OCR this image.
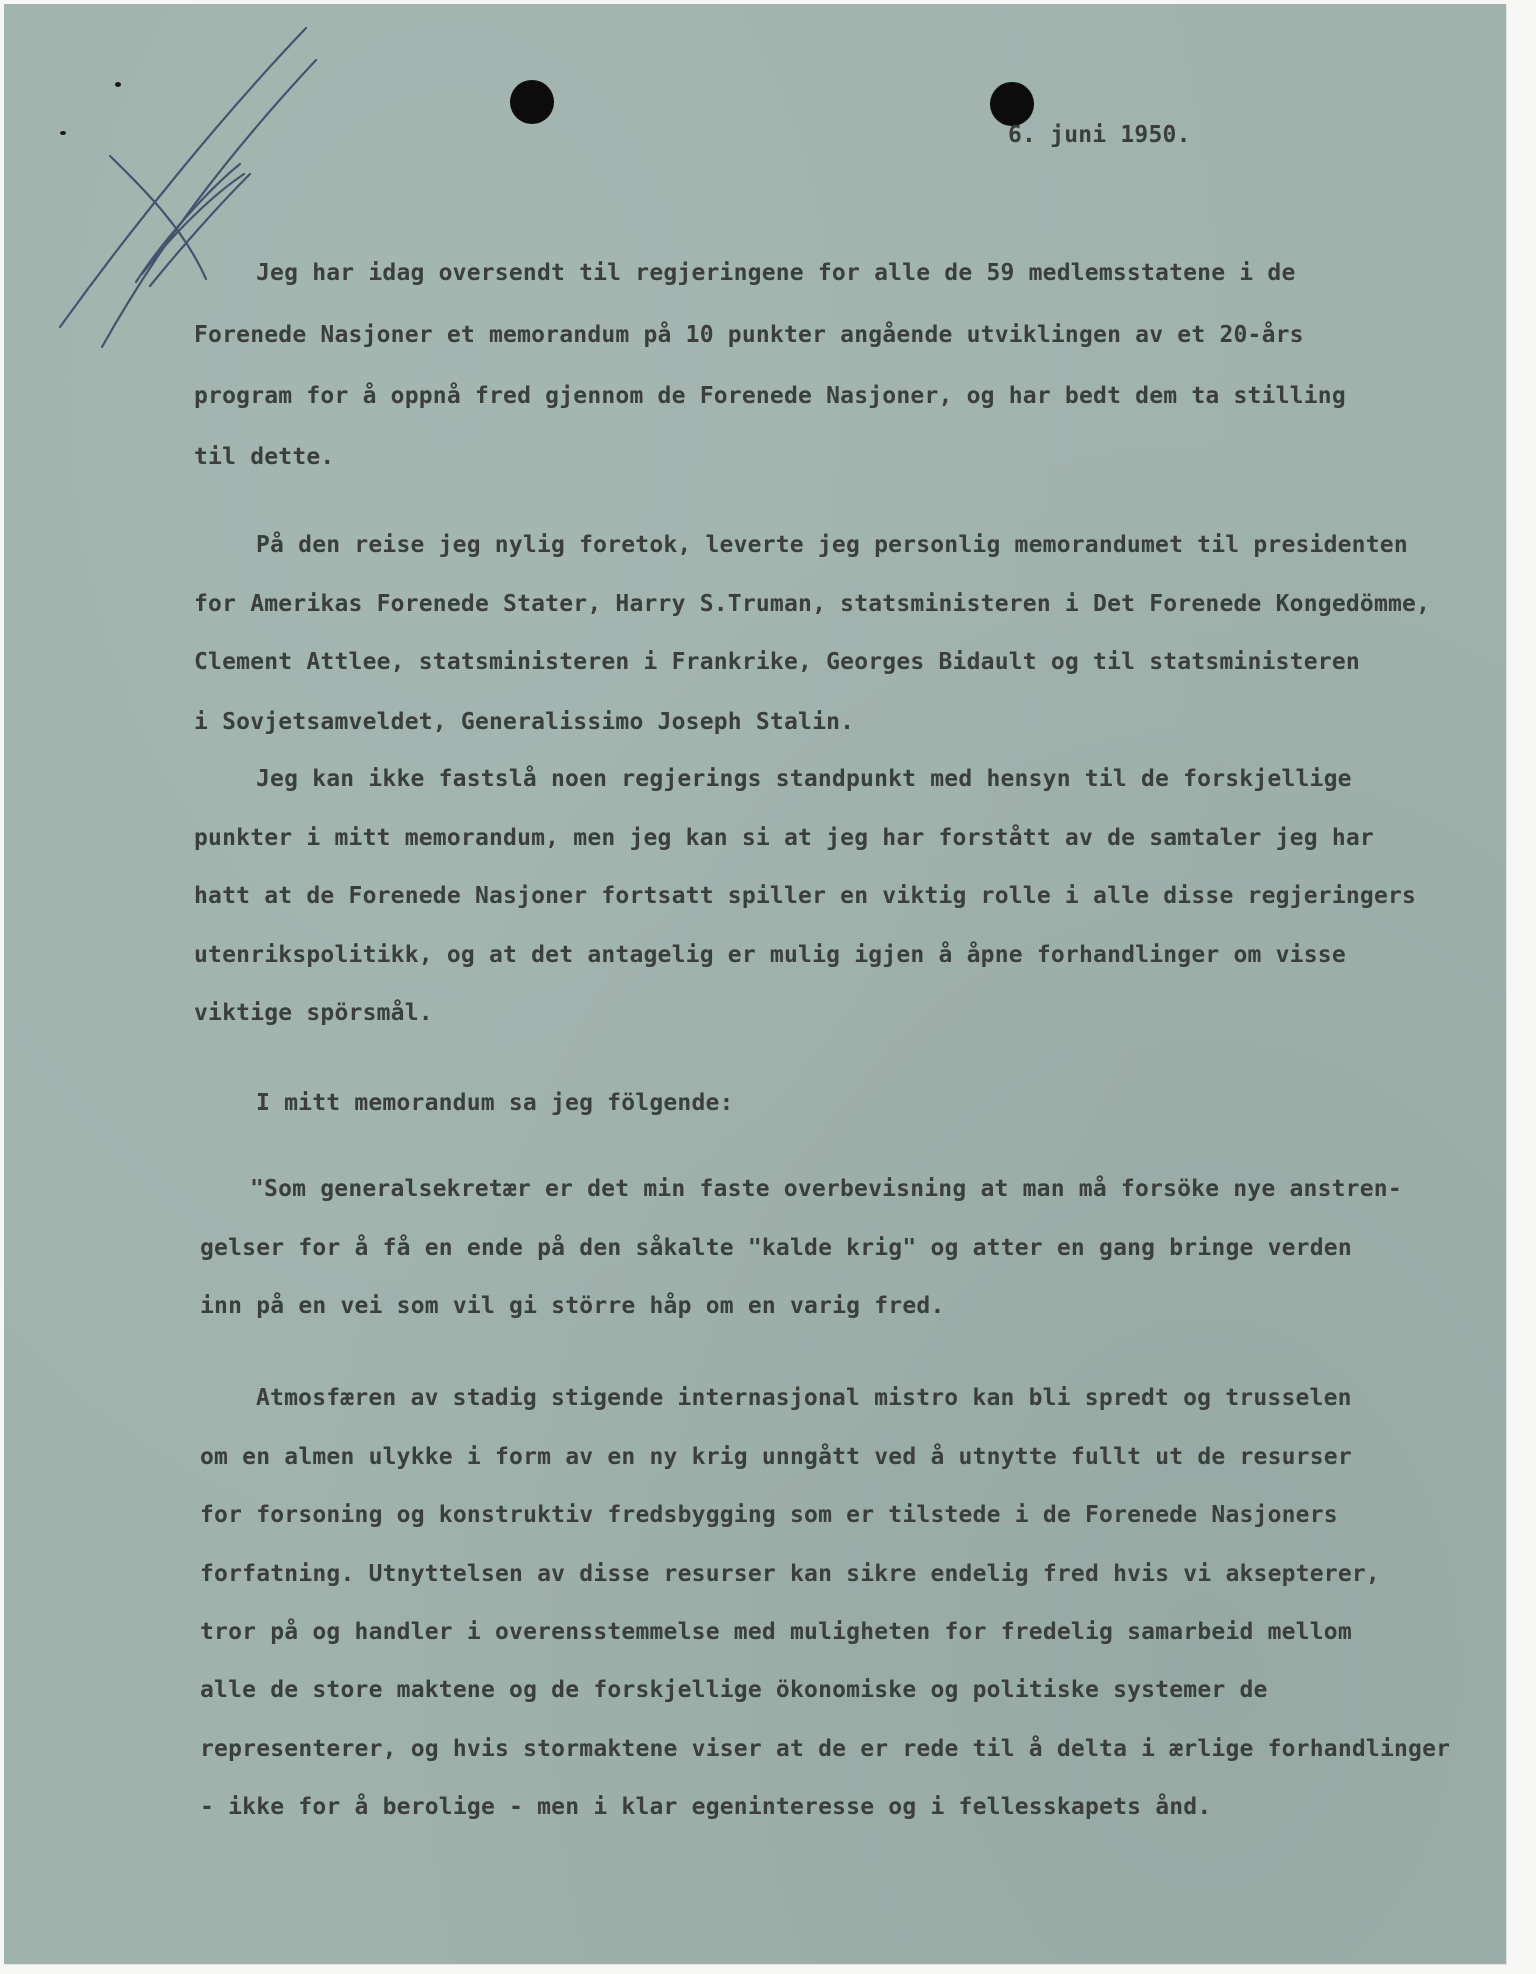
6. juni 1950.
Jeg har idag oversendt til regjeringene for alle de 59 medlemsstatene i de
Forenede Nasjoner et memorandum på 10 punkter angående utviklingen av et 20-års
program for å oppnå fred gjennom de Forenede Nasjoner, og har bedt dem ta stilling
til dette.
På den reise jeg nylig foretok, leverte jeg personlig memorandumet til presidenten
for Amerikas Forenede Stater, Harry S.Truman, statsministeren i Det Forenede Kongedömme,
Clement Attlee, statsministeren i Frankrike, Georges Bidault og til statsministeren
i Sovjetsamveldet, Generalissimo Joseph Stalin.
Jeg kan ikke fastslå noen regjerings standpunkt med hensyn til de forskjellige
punkter i mitt memorandum, men jeg kan si at jeg har forstått av de samtaler jeg har
hatt at de Forenede Nasjoner fortsatt spiller en viktig rolle i alle disse regjeringers
utenrikspolitikk, og at det antagelig er mulig igjen å åpne forhandlinger om visse
viktige spörsmål.
I mitt memorandum sa jeg fölgende:
"Som generalsekretær er det min faste overbevisning at man må forsöke nye anstren-
gelser for å få en ende på den såkalte "kalde krig" og atter en gang bringe verden
inn på en vei som vil gi större håp om en varig fred.
Atmosfæren av stadig stigende internasjonal mistro kan bli spredt og trusselen
om en almen ulykke i form av en ny krig unngått ved å utnytte fullt ut de resurser
for forsoning og konstruktiv fredsbygging som er tilstede i de Forenede Nasjoners
forfatning. Utnyttelsen av disse resurser kan sikre endelig fred hvis vi aksepterer,
tror på og handler i overensstemmelse med muligheten for fredelig samarbeid mellom
alle de store maktene og de forskjellige ökonomiske og politiske systemer de
representerer, og hvis stormaktene viser at de er rede til å delta i ærlige forhandlinger
- ikke for å berolige - men i klar egeninteresse og i fellesskapets ånd.
